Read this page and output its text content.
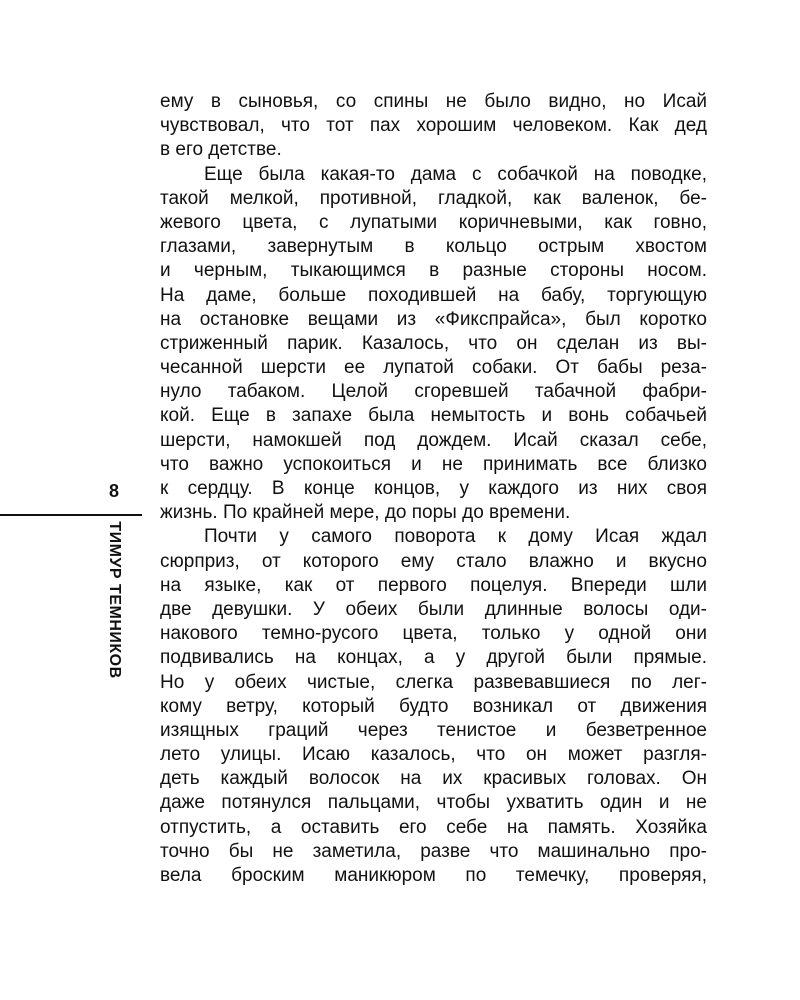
8
ТИМУР ТЕМНИКОВ
ему в сыновья, со спины не было видно, но Исай
чувствовал, что тот пах хорошим человеком. Как дед
в его детстве.
Еще была какая-то дама с собачкой на поводке,
такой мелкой, противной, гладкой, как валенок, бе-
жевого цвета, с лупатыми коричневыми, как говно,
глазами, завернутым в кольцо острым хвостом
и черным, тыкающимся в разные стороны носом.
На даме, больше походившей на бабу, торгующую
на остановке вещами из «Фикспрайса», был коротко
стриженный парик. Казалось, что он сделан из вы-
чесанной шерсти ее лупатой собаки. От бабы реза-
нуло табаком. Целой сгоревшей табачной фабри-
кой. Еще в запахе была немытость и вонь собачьей
шерсти, намокшей под дождем. Исай сказал себе,
что важно успокоиться и не принимать все близко
к сердцу. В конце концов, у каждого из них своя
жизнь. По крайней мере, до поры до времени.
Почти у самого поворота к дому Исая ждал
сюрприз, от которого ему стало влажно и вкусно
на языке, как от первого поцелуя. Впереди шли
две девушки. У обеих были длинные волосы оди-
накового темно-русого цвета, только у одной они
подвивались на концах, а у другой были прямые.
Но у обеих чистые, слегка развевавшиеся по лег-
кому ветру, который будто возникал от движения
изящных граций через тенистое и безветренное
лето улицы. Исаю казалось, что он может разгля-
деть каждый волосок на их красивых головах. Он
даже потянулся пальцами, чтобы ухватить один и не
отпустить, а оставить его себе на память. Хозяйка
точно бы не заметила, разве что машинально про-
вела броским маникюром по темечку, проверяя,
